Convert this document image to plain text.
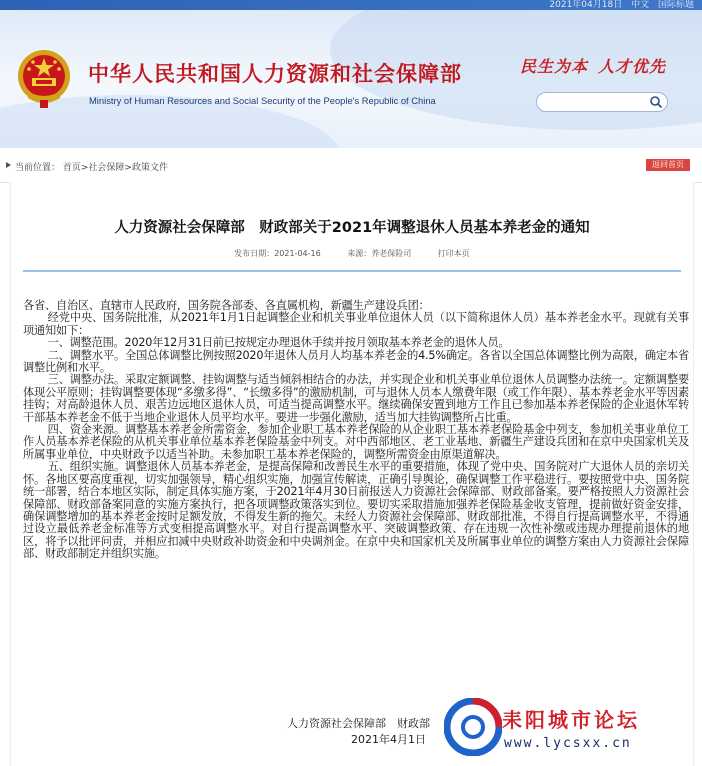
2021年04月18日 中文 国际标题
中华人民共和国人力资源和社会保障部
Ministry of Human Resources and Social Security of the People's Republic of China
民生为本 人才优先
当前位置： 首页>社会保障>政策文件	返回首页
人力资源社会保障部　财政部关于2021年调整退休人员基本养老金的通知
发布日期：2021-04-16	来源：养老保险司	打印本页

各省、自治区、直辖市人民政府，国务院各部委、各直属机构，新疆生产建设兵团：

经党中央、国务院批准，从2021年1月1日起调整企业和机关事业单位退休人员（以下简称退休人员）基本养老金水平。现就有关事项通知如下：

一、调整范围。2020年12月31日前已按规定办理退休手续并按月领取基本养老金的退休人员。

二、调整水平。全国总体调整比例按照2020年退休人员月人均基本养老金的4.5%确定。各省以全国总体调整比例为高限，确定本省调整比例和水平。

三、调整办法。采取定额调整、挂钩调整与适当倾斜相结合的办法，并实现企业和机关事业单位退休人员调整办法统一。定额调整要体现公平原则；挂钩调整要体现“多缴多得”、“长缴多得”的激励机制，可与退休人员本人缴费年限（或工作年限）、基本养老金水平等因素挂钩；对高龄退休人员、艰苦边远地区退休人员，可适当提高调整水平。继续确保安置到地方工作且已参加基本养老保险的企业退休军转干部基本养老金不低于当地企业退休人员平均水平。要进一步强化激励，适当加大挂钩调整所占比重。

四、资金来源。调整基本养老金所需资金，参加企业职工基本养老保险的从企业职工基本养老保险基金中列支，参加机关事业单位工作人员基本养老保险的从机关事业单位基本养老保险基金中列支。对中西部地区、老工业基地、新疆生产建设兵团和在京中央国家机关及所属事业单位，中央财政予以适当补助。未参加职工基本养老保险的，调整所需资金由原渠道解决。

五、组织实施。调整退休人员基本养老金，是提高保障和改善民生水平的重要措施，体现了党中央、国务院对广大退休人员的亲切关怀。各地区要高度重视，切实加强领导，精心组织实施，加强宣传解读，正确引导舆论，确保调整工作平稳进行。要按照党中央、国务院统一部署，结合本地区实际，制定具体实施方案，于2021年4月30日前报送人力资源社会保障部、财政部备案。要严格按照人力资源社会保障部、财政部备案同意的实施方案执行，把各项调整政策落实到位。要切实采取措施加强养老保险基金收支管理，提前做好资金安排，确保调整增加的基本养老金按时足额发放，不得发生新的拖欠。未经人力资源社会保障部、财政部批准，不得自行提高调整水平，不得通过设立最低养老金标准等方式变相提高调整水平。对自行提高调整水平、突破调整政策、存在违规一次性补缴或违规办理提前退休的地区，将予以批评问责，并相应扣减中央财政补助资金和中央调剂金。在京中央和国家机关及所属事业单位的调整方案由人力资源社会保障部、财政部制定并组织实施。

人力资源社会保障部　财政部
2021年4月1日
耒阳城市论坛
www.lycsxx.cn
